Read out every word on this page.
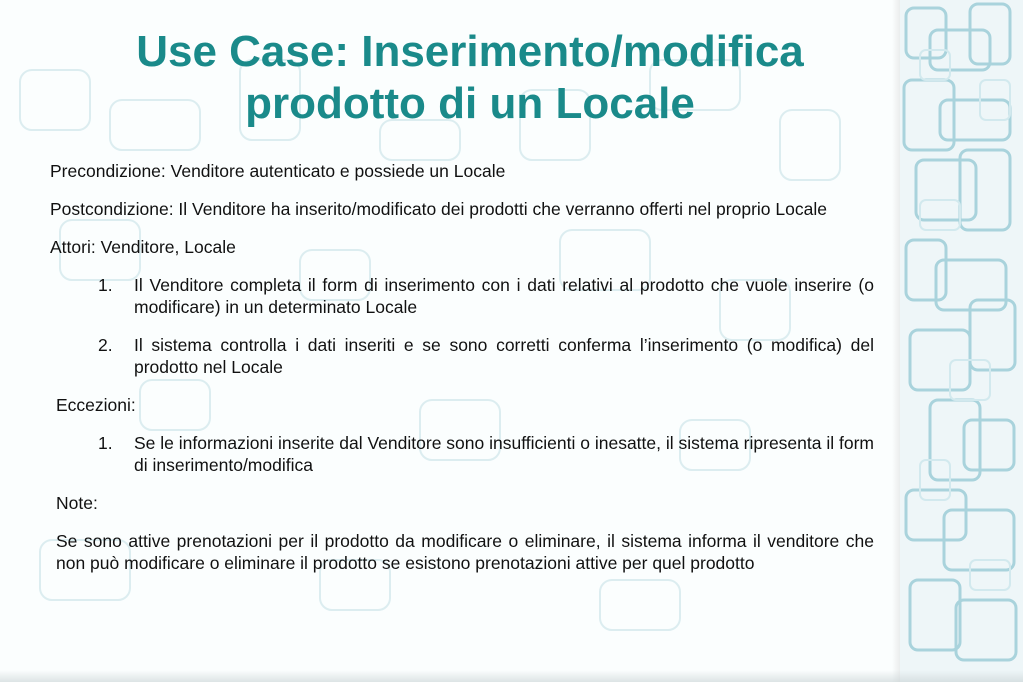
Use Case: Inserimento/modifica
prodotto di un Locale

Precondizione: Venditore autenticato e possiede un Locale

Postcondizione: Il Venditore ha inserito/modificato dei prodotti che verranno offerti nel proprio Locale

Attori: Venditore, Locale

1.	Il Venditore completa il form di inserimento con i dati relativi al prodotto che vuole inserire (o modificare) in un determinato Locale
2.	Il sistema controlla i dati inseriti e se sono corretti conferma l’inserimento (o modifica) del prodotto nel Locale

Eccezioni:

1.	Se le informazioni inserite dal Venditore sono insufficienti o inesatte, il sistema ripresenta il form di inserimento/modifica

Note:

Se sono attive prenotazioni per il prodotto da modificare o eliminare, il sistema informa il venditore che non può modificare o eliminare il prodotto se esistono prenotazioni attive per quel prodotto
